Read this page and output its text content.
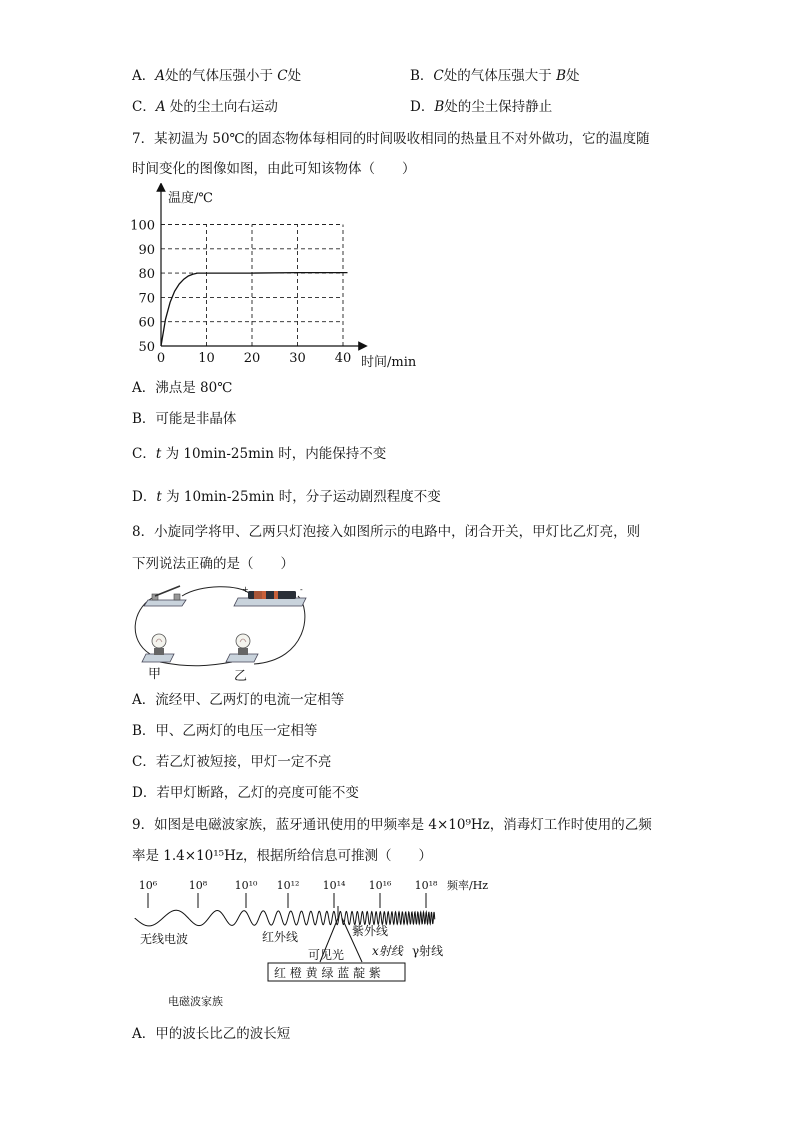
A．A处的气体压强小于 C处	B．C处的气体压强大于 B处
C．A 处的尘土向右运动	D．B处的尘土保持静止
7．某初温为 50℃的固态物体每相同的时间吸收相同的热量且不对外做功，它的温度随
时间变化的图像如图，由此可知该物体（　　）
温度/℃
时间/min
50
60
70
80
90
100
0	10 20 30 40
A．沸点是 80℃
B．可能是非晶体
C．t 为 10min-25min 时，内能保持不变
D．t 为 10min-25min 时，分子运动剧烈程度不变
8．小旋同学将甲、乙两只灯泡接入如图所示的电路中，闭合开关，甲灯比乙灯亮，则
下列说法正确的是（　　）
+	-
甲	乙
A．流经甲、乙两灯的电流一定相等
B．甲、乙两灯的电压一定相等
C．若乙灯被短接，甲灯一定不亮
D．若甲灯断路，乙灯的亮度可能不变
9．如图是电磁波家族，蓝牙通讯使用的甲频率是 4×10⁹Hz，消毒灯工作时使用的乙频
率是 1.4×10¹⁵Hz，根据所给信息可推测（　　）
10⁶	10⁸ 10¹⁰ 10¹² 10¹⁴ 10¹⁶ 10¹⁸ 频率/Hz
无线电波	红外线	紫外线
x射线 γ射线
可见光
红 橙 黄 绿 蓝 靛 紫
电磁波家族
A．甲的波长比乙的波长短
